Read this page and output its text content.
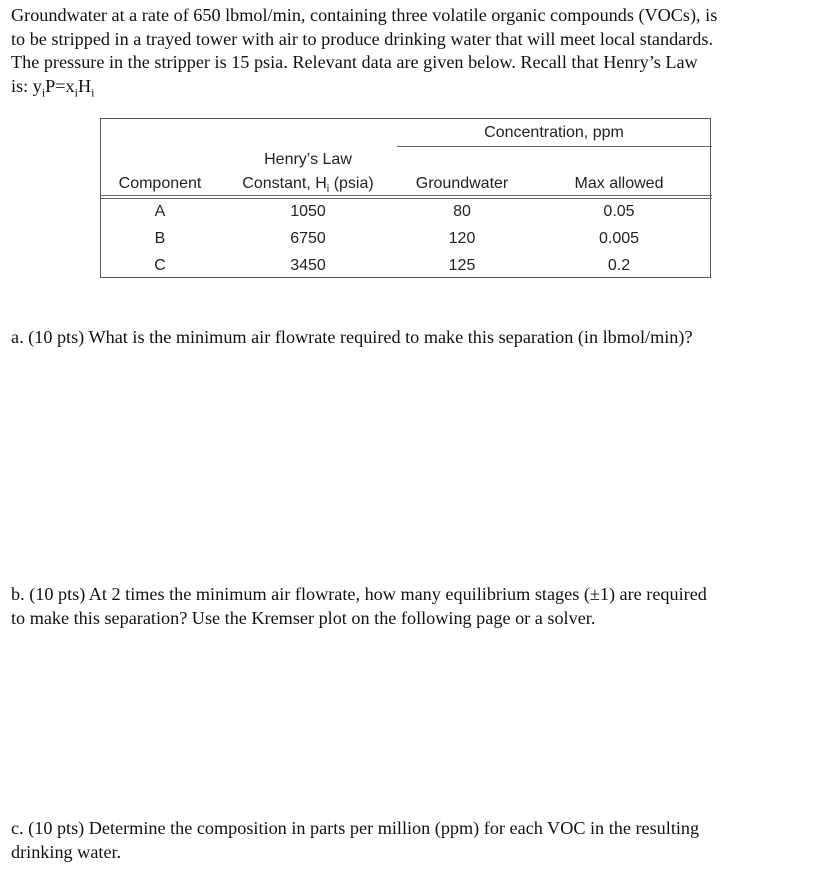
Groundwater at a rate of 650 lbmol/min, containing three volatile organic compounds (VOCs), is
to be stripped in a trayed tower with air to produce drinking water that will meet local standards.
The pressure in the stripper is 15 psia. Relevant data are given below. Recall that Henry’s Law
is: $y_iP=x_iH_i$
Concentration, ppm
Henry’s Law
Component	Constant, $H_i$ (psia)	Groundwater	Max allowed
A	1050	80	0.05
B	6750	120	0.005
C	3450	125	0.2
a. (10 pts) What is the minimum air flowrate required to make this separation (in lbmol/min)?
b. (10 pts) At 2 times the minimum air flowrate, how many equilibrium stages (±1) are required
to make this separation? Use the Kremser plot on the following page or a solver.
c. (10 pts) Determine the composition in parts per million (ppm) for each VOC in the resulting
drinking water.
